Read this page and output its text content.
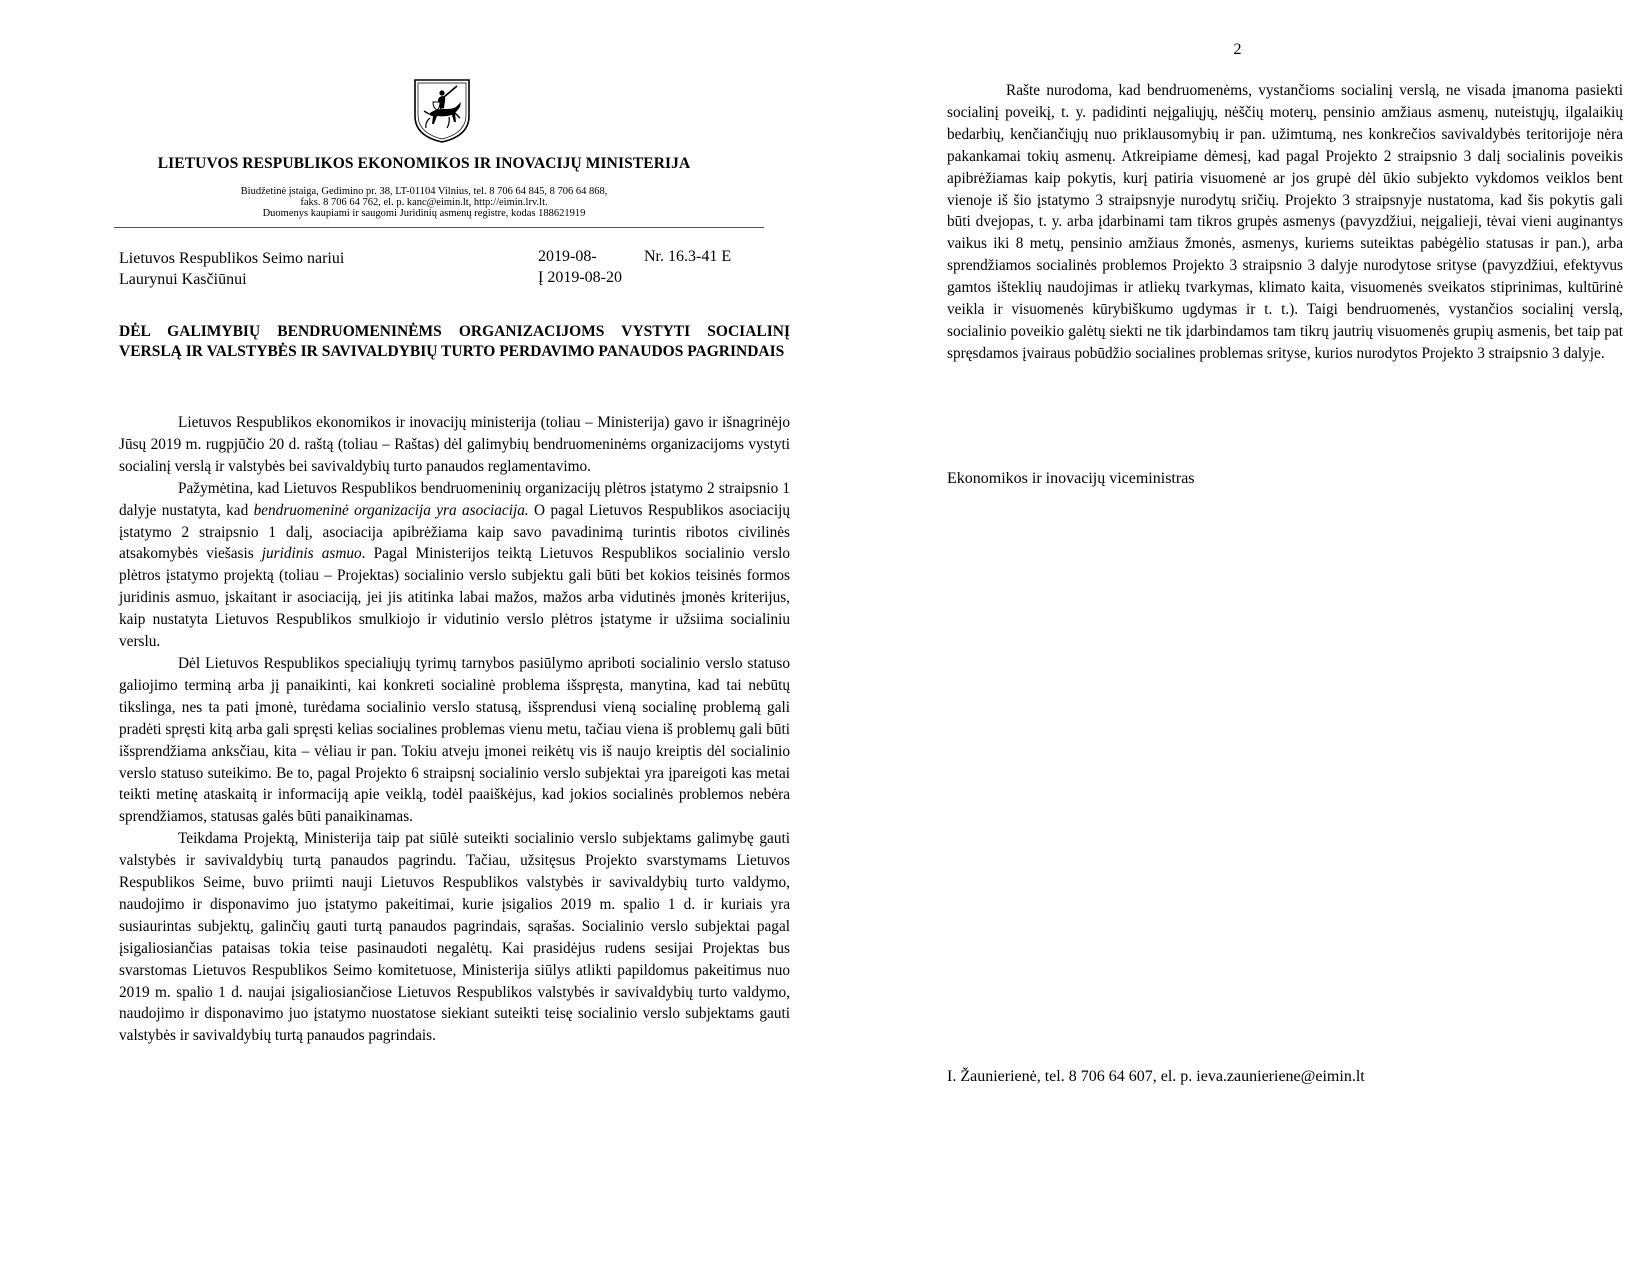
LIETUVOS RESPUBLIKOS EKONOMIKOS IR INOVACIJŲ MINISTERIJA
Biudžetinė įstaiga, Gedimino pr. 38, LT-01104 Vilnius, tel. 8 706 64 845, 8 706 64 868,
faks. 8 706 64 762, el. p. kanc@eimin.lt, http://eimin.lrv.lt.
Duomenys kaupiami ir saugomi Juridinių asmenų registre, kodas 188621919
Lietuvos Respublikos Seimo nariui
Laurynui Kasčiūnui
2019-08-
Į 2019-08-20
Nr. 16.3-41 E
DĖL GALIMYBIŲ BENDRUOMENINĖMS ORGANIZACIJOMS VYSTYTI SOCIALINĮ VERSLĄ IR VALSTYBĖS IR SAVIVALDYBIŲ TURTO PERDAVIMO PANAUDOS PAGRINDAIS

Lietuvos Respublikos ekonomikos ir inovacijų ministerija (toliau – Ministerija) gavo ir išnagrinėjo Jūsų 2019 m. rugpjūčio 20 d. raštą (toliau – Raštas) dėl galimybių bendruomeninėms organizacijoms vystyti socialinį verslą ir valstybės bei savivaldybių turto panaudos reglamentavimo.

Pažymėtina, kad Lietuvos Respublikos bendruomeninių organizacijų plėtros įstatymo 2 straipsnio 1 dalyje nustatyta, kad bendruomeninė organizacija yra asociacija. O pagal Lietuvos Respublikos asociacijų įstatymo 2 straipsnio 1 dalį, asociacija apibrėžiama kaip savo pavadinimą turintis ribotos civilinės atsakomybės viešasis juridinis asmuo. Pagal Ministerijos teiktą Lietuvos Respublikos socialinio verslo plėtros įstatymo projektą (toliau – Projektas) socialinio verslo subjektu gali būti bet kokios teisinės formos juridinis asmuo, įskaitant ir asociaciją, jei jis atitinka labai mažos, mažos arba vidutinės įmonės kriterijus, kaip nustatyta Lietuvos Respublikos smulkiojo ir vidutinio verslo plėtros įstatyme ir užsiima socialiniu verslu.

Dėl Lietuvos Respublikos specialiųjų tyrimų tarnybos pasiūlymo apriboti socialinio verslo statuso galiojimo terminą arba jį panaikinti, kai konkreti socialinė problema išspręsta, manytina, kad tai nebūtų tikslinga, nes ta pati įmonė, turėdama socialinio verslo statusą, išsprendusi vieną socialinę problemą gali pradėti spręsti kitą arba gali spręsti kelias socialines problemas vienu metu, tačiau viena iš problemų gali būti išsprendžiama anksčiau, kita – vėliau ir pan. Tokiu atveju įmonei reikėtų vis iš naujo kreiptis dėl socialinio verslo statuso suteikimo. Be to, pagal Projekto 6 straipsnį socialinio verslo subjektai yra įpareigoti kas metai teikti metinę ataskaitą ir informaciją apie veiklą, todėl paaiškėjus, kad jokios socialinės problemos nebėra sprendžiamos, statusas galės būti panaikinamas.

Teikdama Projektą, Ministerija taip pat siūlė suteikti socialinio verslo subjektams galimybę gauti valstybės ir savivaldybių turtą panaudos pagrindu. Tačiau, užsitęsus Projekto svarstymams Lietuvos Respublikos Seime, buvo priimti nauji Lietuvos Respublikos valstybės ir savivaldybių turto valdymo, naudojimo ir disponavimo juo įstatymo pakeitimai, kurie įsigalios 2019 m. spalio 1 d. ir kuriais yra susiaurintas subjektų, galinčių gauti turtą panaudos pagrindais, sąrašas. Socialinio verslo subjektai pagal įsigaliosiančias pataisas tokia teise pasinaudoti negalėtų. Kai prasidėjus rudens sesijai Projektas bus svarstomas Lietuvos Respublikos Seimo komitetuose, Ministerija siūlys atlikti papildomus pakeitimus nuo 2019 m. spalio 1 d. naujai įsigaliosiančiose Lietuvos Respublikos valstybės ir savivaldybių turto valdymo, naudojimo ir disponavimo juo įstatymo nuostatose siekiant suteikti teisę socialinio verslo subjektams gauti valstybės ir savivaldybių turtą panaudos pagrindais.

2

Rašte nurodoma, kad bendruomenėms, vystančioms socialinį verslą, ne visada įmanoma pasiekti socialinį poveikį, t. y. padidinti neįgaliųjų, nėščių moterų, pensinio amžiaus asmenų, nuteistųjų, ilgalaikių bedarbių, kenčiančiųjų nuo priklausomybių ir pan. užimtumą, nes konkrečios savivaldybės teritorijoje nėra pakankamai tokių asmenų. Atkreipiame dėmesį, kad pagal Projekto 2 straipsnio 3 dalį socialinis poveikis apibrėžiamas kaip pokytis, kurį patiria visuomenė ar jos grupė dėl ūkio subjekto vykdomos veiklos bent vienoje iš šio įstatymo 3 straipsnyje nurodytų sričių. Projekto 3 straipsnyje nustatoma, kad šis pokytis gali būti dvejopas, t. y. arba įdarbinami tam tikros grupės asmenys (pavyzdžiui, neįgalieji, tėvai vieni auginantys vaikus iki 8 metų, pensinio amžiaus žmonės, asmenys, kuriems suteiktas pabėgėlio statusas ir pan.), arba sprendžiamos socialinės problemos Projekto 3 straipsnio 3 dalyje nurodytose srityse (pavyzdžiui, efektyvus gamtos išteklių naudojimas ir atliekų tvarkymas, klimato kaita, visuomenės sveikatos stiprinimas, kultūrinė veikla ir visuomenės kūrybiškumo ugdymas ir t. t.). Taigi bendruomenės, vystančios socialinį verslą, socialinio poveikio galėtų siekti ne tik įdarbindamos tam tikrų jautrių visuomenės grupių asmenis, bet taip pat spręsdamos įvairaus pobūdžio socialines problemas srityse, kurios nurodytos Projekto 3 straipsnio 3 dalyje.

Ekonomikos ir inovacijų viceministras
I. Žaunierienė, tel. 8 706 64 607, el. p. ieva.zaunieriene@eimin.lt
